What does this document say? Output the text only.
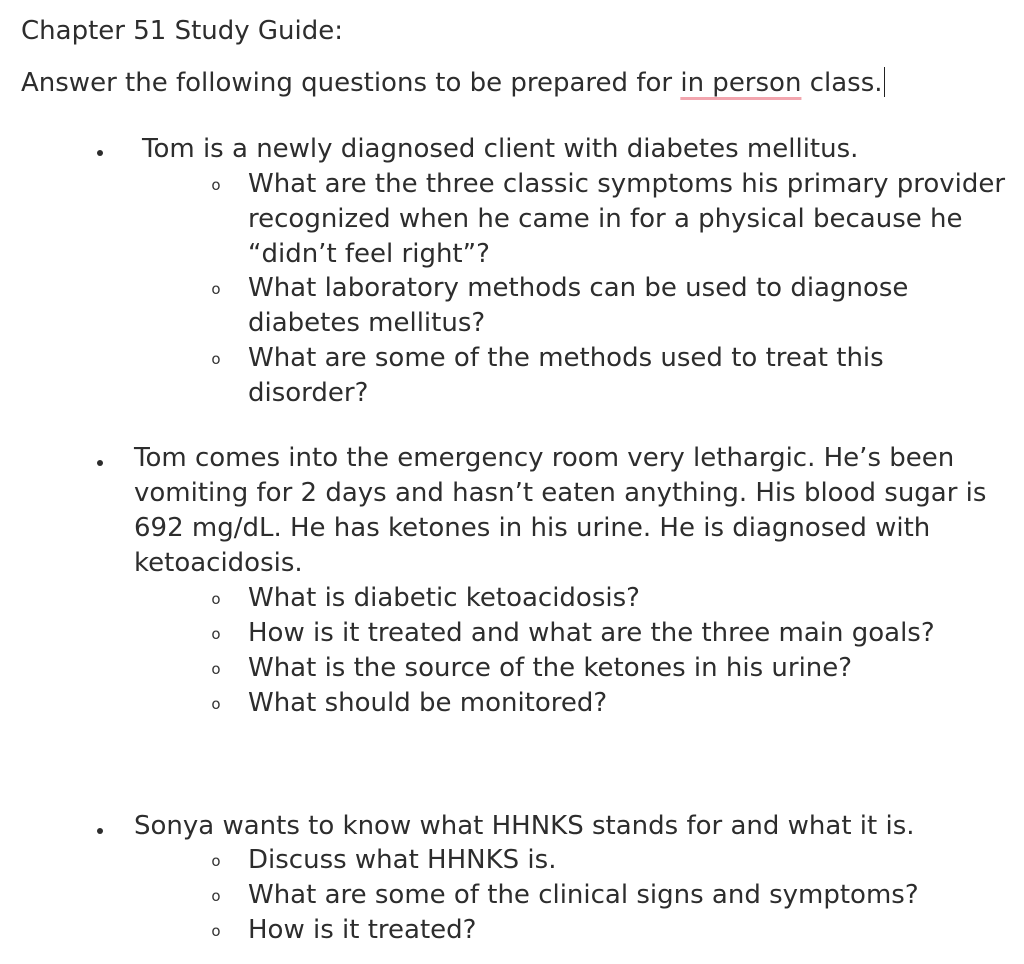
Chapter 51 Study Guide:
Answer the following questions to be prepared for in person class.
Tom is a newly diagnosed client with diabetes mellitus.
o What are the three classic symptoms his primary provider
recognized when he came in for a physical because he
“didn’t feel right”?
o What laboratory methods can be used to diagnose
diabetes mellitus?
o What are some of the methods used to treat this
disorder?
Tom comes into the emergency room very lethargic. He’s been
vomiting for 2 days and hasn’t eaten anything. His blood sugar is
692 mg/dL. He has ketones in his urine. He is diagnosed with
ketoacidosis.
o What is diabetic ketoacidosis?
o How is it treated and what are the three main goals?
o What is the source of the ketones in his urine?
o What should be monitored?
Sonya wants to know what HHNKS stands for and what it is.
o Discuss what HHNKS is.
o What are some of the clinical signs and symptoms?
o How is it treated?
